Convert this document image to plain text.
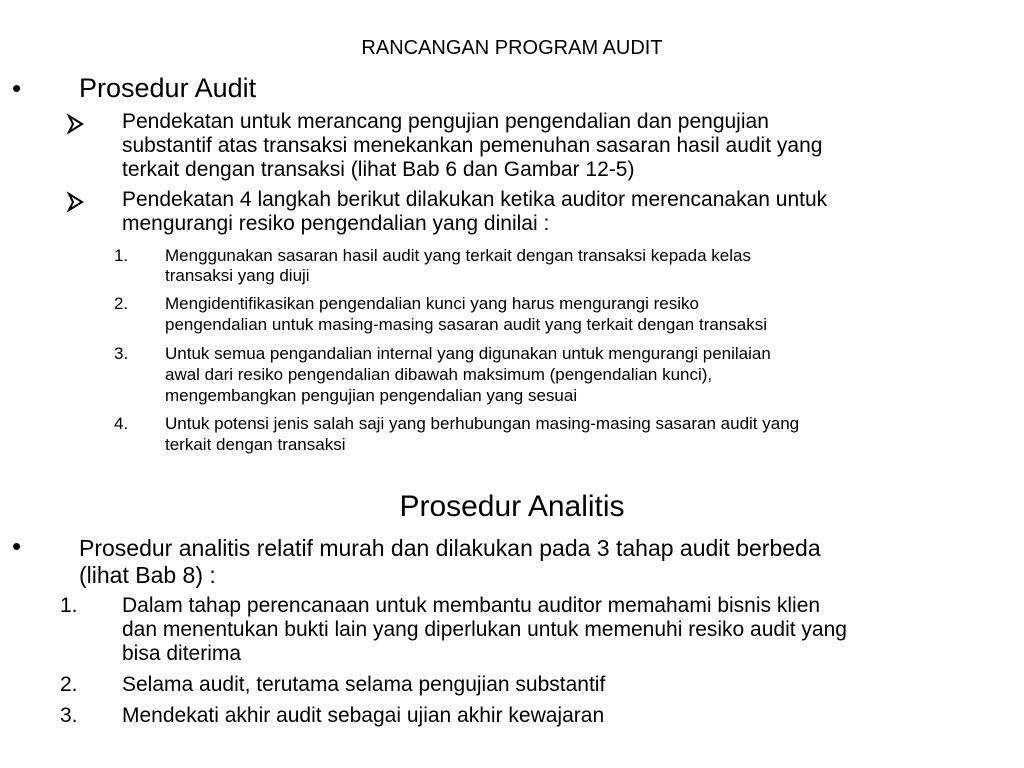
RANCANGAN PROGRAM AUDIT
• Prosedur Audit
Pendekatan untuk merancang pengujian pengendalian dan pengujian
substantif atas transaksi menekankan pemenuhan sasaran hasil audit yang
terkait dengan transaksi (lihat Bab 6 dan Gambar 12-5)
Pendekatan 4 langkah berikut dilakukan ketika auditor merencanakan untuk
mengurangi resiko pengendalian yang dinilai :
1. Menggunakan sasaran hasil audit yang terkait dengan transaksi kepada kelas
transaksi yang diuji
2. Mengidentifikasikan pengendalian kunci yang harus mengurangi resiko
pengendalian untuk masing-masing sasaran audit yang terkait dengan transaksi
3. Untuk semua pengandalian internal yang digunakan untuk mengurangi penilaian
awal dari resiko pengendalian dibawah maksimum (pengendalian kunci),
mengembangkan pengujian pengendalian yang sesuai
4. Untuk potensi jenis salah saji yang berhubungan masing-masing sasaran audit yang
terkait dengan transaksi
Prosedur Analitis
•	Prosedur analitis relatif murah dan dilakukan pada 3 tahap audit berbeda
(lihat Bab 8) :
1. Dalam tahap perencanaan untuk membantu auditor memahami bisnis klien
dan menentukan bukti lain yang diperlukan untuk memenuhi resiko audit yang
bisa diterima
2. Selama audit, terutama selama pengujian substantif
3. Mendekati akhir audit sebagai ujian akhir kewajaran
